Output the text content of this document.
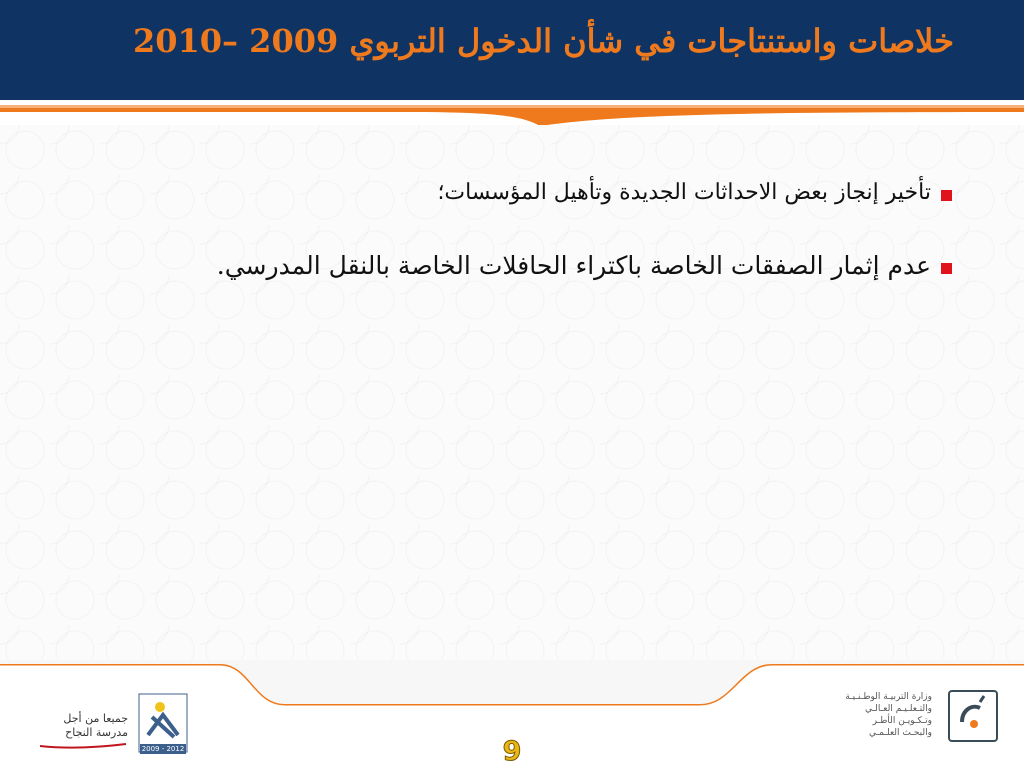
خلاصات واستنتاجات في شأن الدخول التربوي 2009 –2010
تأخير إنجاز بعض الاحداثات الجديدة وتأهيل المؤسسات؛
عدم إثمار الصفقات الخاصة باكتراء الحافلات الخاصة بالنقل المدرسي.
جميعا من أجل
مدرسة النجاح
2009 - 2012	9
وزارة التربيـة الوطـنـيـة
والتـعلـيـم العـالـي
وتـكـويـن الأطـر
والبحـث العلـمـي
